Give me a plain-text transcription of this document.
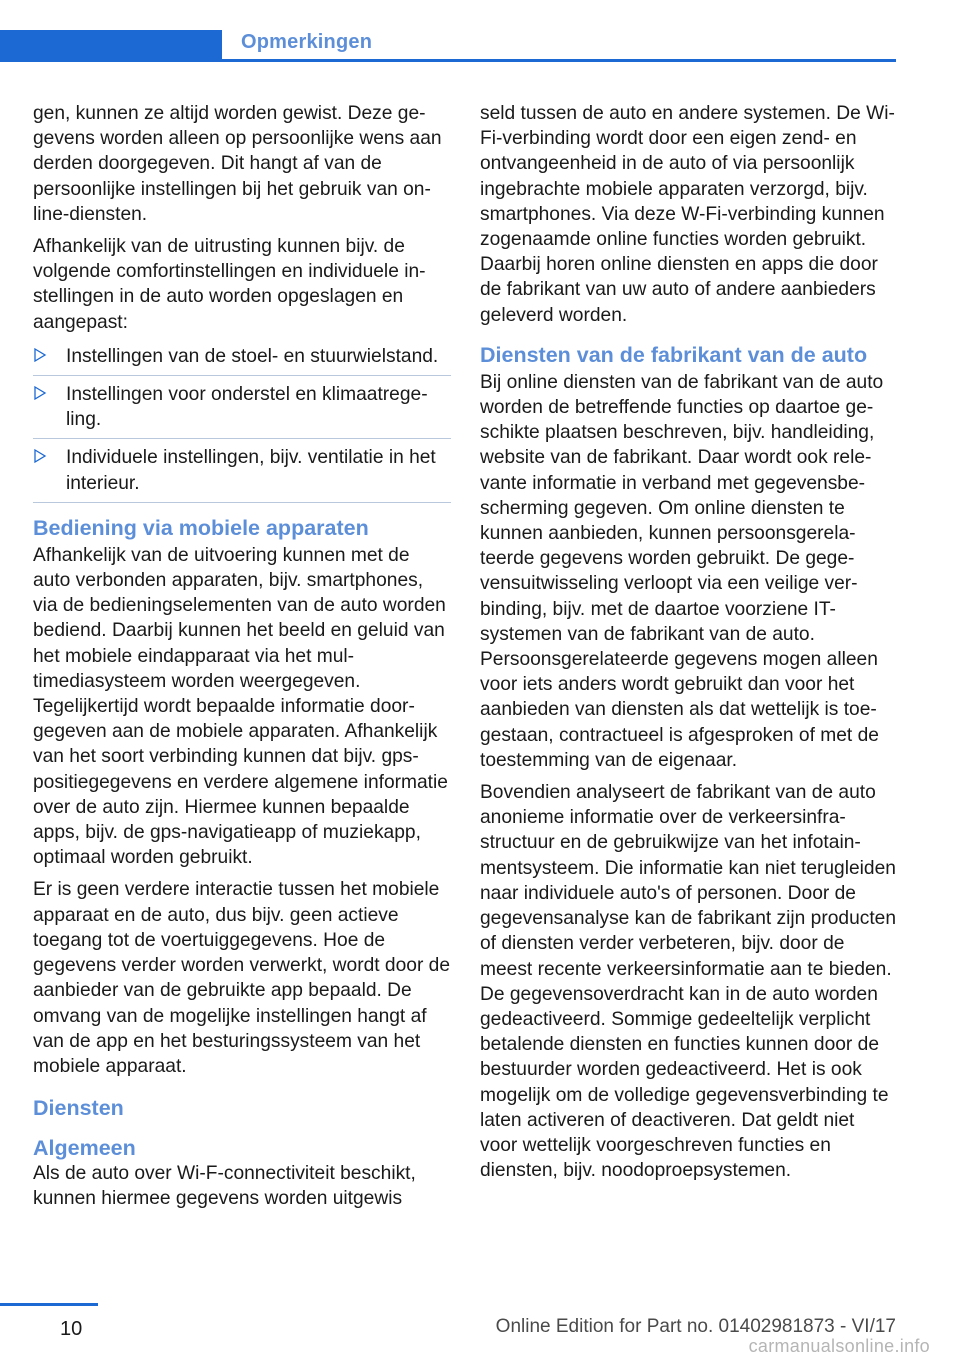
Opmerkingen

gen, kunnen ze altijd worden gewist. Deze gegevens worden alleen op persoonlijke wens aan derden doorgegeven. Dit hangt af van de persoonlijke instellingen bij het gebruik van online-diensten.

Afhankelijk van de uitrusting kunnen bijv. de volgende comfortinstellingen en individuele instellingen in de auto worden opgeslagen en aangepast:

Instellingen van de stoel- en stuurwielstand.
Instellingen voor onderstel en klimaatregeling.
Individuele instellingen, bijv. ventilatie in het interieur.
Bediening via mobiele apparaten

Afhankelijk van de uitvoering kunnen met de auto verbonden apparaten, bijv. smartphones, via de bedieningselementen van de auto worden bediend. Daarbij kunnen het beeld en geluid van het mobiele eindapparaat via het multimediasysteem worden weergegeven. Tegelijkertijd wordt bepaalde informatie doorgegeven aan de mobiele apparaten. Afhankelijk van het soort verbinding kunnen dat bijv. gps-positiegegevens en verdere algemene informatie over de auto zijn. Hiermee kunnen bepaalde apps, bijv. de gps-navigatieapp of muziekapp, optimaal worden gebruikt.

Er is geen verdere interactie tussen het mobiele apparaat en de auto, dus bijv. geen actieve toegang tot de voertuiggegevens. Hoe de gegevens verder worden verwerkt, wordt door de aanbieder van de gebruikte app bepaald. De omvang van de mogelijke instellingen hangt af van de app en het besturingssysteem van het mobiele apparaat.

Diensten
Algemeen

Als de auto over Wi-F-connectiviteit beschikt, kunnen hiermee gegevens worden uitgewis

seld tussen de auto en andere systemen. De Wi-Fi-verbinding wordt door een eigen zend- en ontvangeenheid in de auto of via persoonlijk ingebrachte mobiele apparaten verzorgd, bijv. smartphones. Via deze W-Fi-verbinding kunnen zogenaamde online functies worden gebruikt. Daarbij horen online diensten en apps die door de fabrikant van uw auto of andere aanbieders geleverd worden.

Diensten van de fabrikant van de auto

Bij online diensten van de fabrikant van de auto worden de betreffende functies op daartoe geschikte plaatsen beschreven, bijv. handleiding, website van de fabrikant. Daar wordt ook relevante informatie in verband met gegevensbescherming gegeven. Om online diensten te kunnen aanbieden, kunnen persoonsgerelateerde gegevens worden gebruikt. De gegevensuitwisseling verloopt via een veilige verbinding, bijv. met de daartoe voorziene IT-systemen van de fabrikant van de auto. Persoonsgerelateerde gegevens mogen alleen voor iets anders wordt gebruikt dan voor het aanbieden van diensten als dat wettelijk is toegestaan, contractueel is afgesproken of met de toestemming van de eigenaar.

Bovendien analyseert de fabrikant van de auto anonieme informatie over de verkeersinfrastructuur en de gebruikwijze van het infotainmentsysteem. Die informatie kan niet terugleiden naar individuele auto's of personen. Door de gegevensanalyse kan de fabrikant zijn producten of diensten verder verbeteren, bijv. door de meest recente verkeersinformatie aan te bieden. De gegevensoverdracht kan in de auto worden gedeactiveerd. Sommige gedeeltelijk verplicht betalende diensten en functies kunnen door de bestuurder worden gedeactiveerd. Het is ook mogelijk om de volledige gegevensverbinding te laten activeren of deactiveren. Dat geldt niet voor wettelijk voorgeschreven functies en diensten, bijv. noodoproepsystemen.

10	Online Edition for Part no. 01402981873 - VI/17
carmanualsonline.info
